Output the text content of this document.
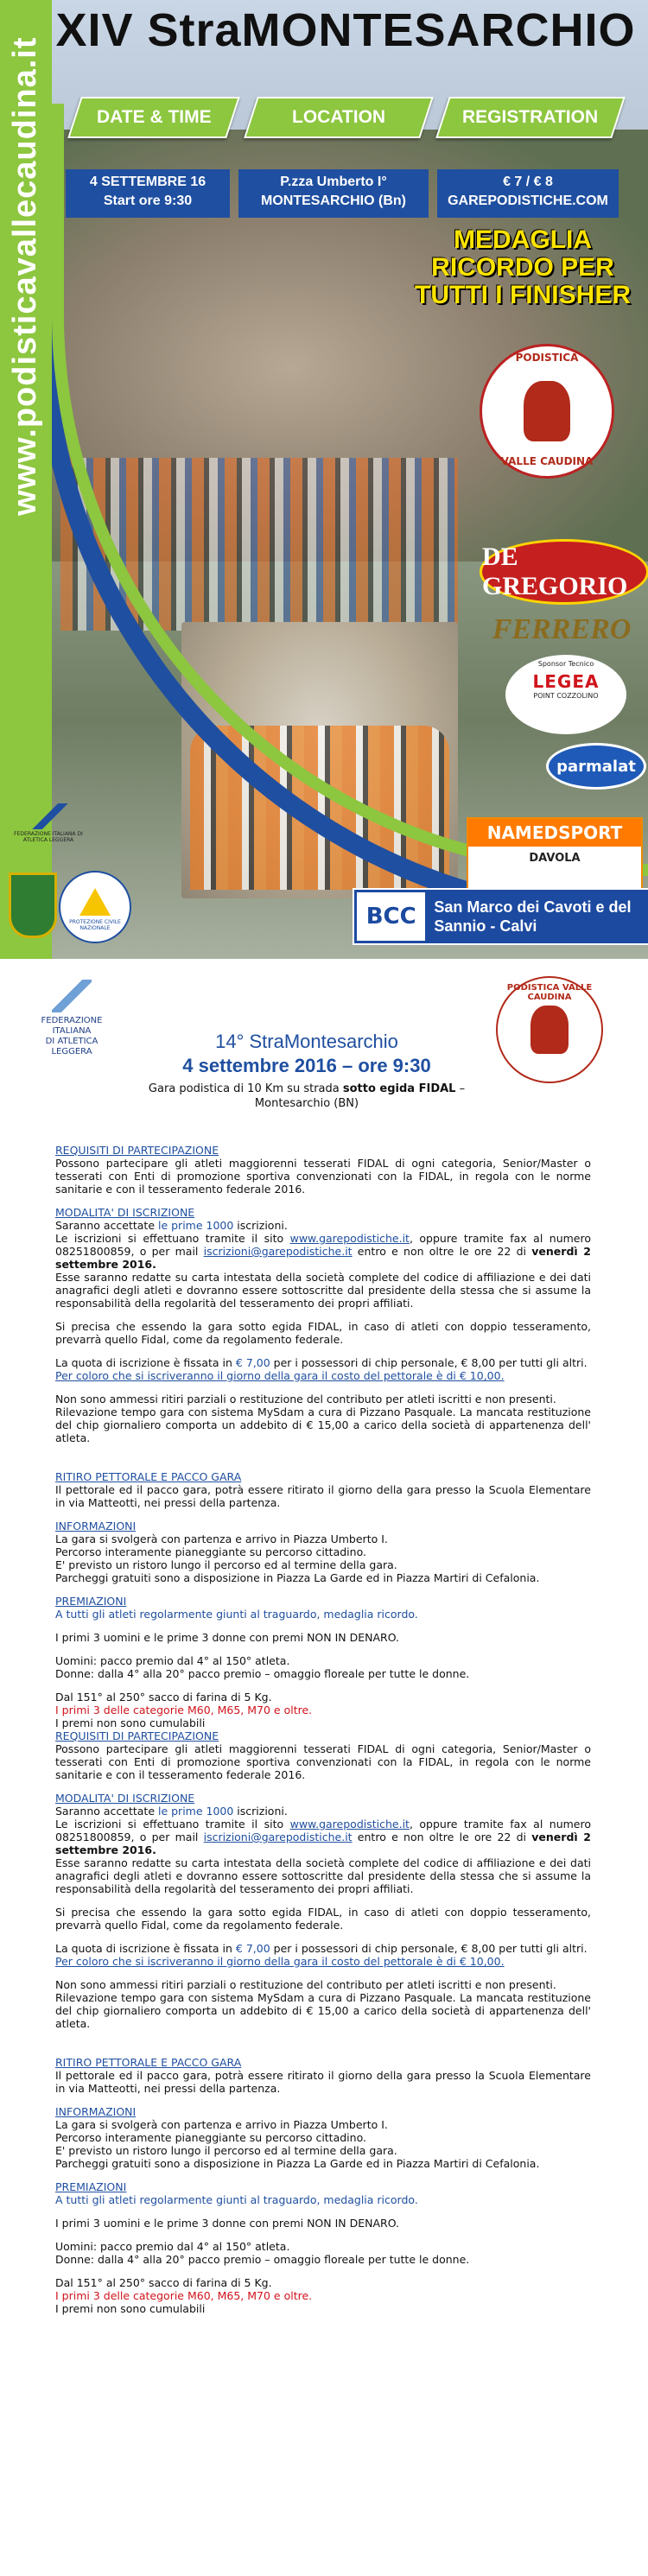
www.podisticavallecaudina.it
XIV StraMONTESARCHIO
DATE & TIME	LOCATION	REGISTRATION
4 SETTEMBRE 16
Start ore 9:30
P.zza Umberto I°
MONTESARCHIO (Bn)
€ 7 / € 8
GAREPODISTICHE.COM
MEDAGLIA RICORDO PER TUTTI I FINISHER
PODISTICA
VALLE CAUDINA
DE GREGORIO
FERRERO
Sponsor Tecnico
LEGEA
POINT COZZOLINO
parmalat
NAMEDSPORT
DAVOLA
FEDERAZIONE ITALIANA DI ATLETICA LEGGERA
PROTEZIONE CIVILE NAZIONALE	BCC	San Marco dei Cavoti e del Sannio - Calvi
FEDERAZIONE ITALIANA
DI ATLETICA LEGGERA
PODISTICA VALLE CAUDINA
14° StraMontesarchio
4 settembre 2016 – ore 9:30
Gara podistica di 10 Km su strada sotto egida FIDAL – Montesarchio (BN)

REQUISITI DI PARTECIPAZIONE

Possono partecipare gli atleti maggiorenni tesserati FIDAL di ogni categoria, Senior/Master o tesserati con Enti di promozione sportiva convenzionati con la FIDAL, in regola con le norme sanitarie e con il tesseramento federale 2016.

MODALITA' DI ISCRIZIONE

Saranno accettate le prime 1000 iscrizioni.

Le iscrizioni si effettuano tramite il sito www.garepodistiche.it, oppure tramite fax al numero 08251800859, o per mail iscrizioni@garepodistiche.it entro e non oltre le ore 22 di venerdì 2 settembre 2016.

Esse saranno redatte su carta intestata della società complete del codice di affiliazione e dei dati anagrafici degli atleti e dovranno essere sottoscritte dal presidente della stessa che si assume la responsabilità della regolarità del tesseramento dei propri affiliati.

Si precisa che essendo la gara sotto egida FIDAL, in caso di atleti con doppio tesseramento, prevarrà quello Fidal, come da regolamento federale.

La quota di iscrizione è fissata in € 7,00 per i possessori di chip personale, € 8,00 per tutti gli altri.

Per coloro che si iscriveranno il giorno della gara il costo del pettorale è di € 10,00.

Non sono ammessi ritiri parziali o restituzione del contributo per atleti iscritti e non presenti.

Rilevazione tempo gara con sistema MySdam a cura di Pizzano Pasquale. La mancata restituzione del chip giornaliero comporta un addebito di € 15,00 a carico della società di appartenenza dell' atleta.

RITIRO PETTORALE E PACCO GARA

Il pettorale ed il pacco gara, potrà essere ritirato il giorno della gara presso la Scuola Elementare in via Matteotti, nei pressi della partenza.

INFORMAZIONI

La gara si svolgerà con partenza e arrivo in Piazza Umberto I.

Percorso interamente pianeggiante su percorso cittadino.

E' previsto un ristoro lungo il percorso ed al termine della gara.

Parcheggi gratuiti sono a disposizione in Piazza La Garde ed in Piazza Martiri di Cefalonia.

PREMIAZIONI

A tutti gli atleti regolarmente giunti al traguardo, medaglia ricordo.

I primi 3 uomini e le prime 3 donne con premi NON IN DENARO.

Uomini: pacco premio dal 4° al 150° atleta.

Donne: dalla 4° alla 20° pacco premio – omaggio floreale per tutte le donne.

Dal 151° al 250° sacco di farina di 5 Kg.

I primi 3 delle categorie M60, M65, M70 e oltre.

I premi non sono cumulabili

REQUISITI DI PARTECIPAZIONE

Possono partecipare gli atleti maggiorenni tesserati FIDAL di ogni categoria, Senior/Master o tesserati con Enti di promozione sportiva convenzionati con la FIDAL, in regola con le norme sanitarie e con il tesseramento federale 2016.

MODALITA' DI ISCRIZIONE

Saranno accettate le prime 1000 iscrizioni.

Le iscrizioni si effettuano tramite il sito www.garepodistiche.it, oppure tramite fax al numero 08251800859, o per mail iscrizioni@garepodistiche.it entro e non oltre le ore 22 di venerdì 2 settembre 2016.

Esse saranno redatte su carta intestata della società complete del codice di affiliazione e dei dati anagrafici degli atleti e dovranno essere sottoscritte dal presidente della stessa che si assume la responsabilità della regolarità del tesseramento dei propri affiliati.

Si precisa che essendo la gara sotto egida FIDAL, in caso di atleti con doppio tesseramento, prevarrà quello Fidal, come da regolamento federale.

La quota di iscrizione è fissata in € 7,00 per i possessori di chip personale, € 8,00 per tutti gli altri.

Per coloro che si iscriveranno il giorno della gara il costo del pettorale è di € 10,00.

Non sono ammessi ritiri parziali o restituzione del contributo per atleti iscritti e non presenti.

Rilevazione tempo gara con sistema MySdam a cura di Pizzano Pasquale. La mancata restituzione del chip giornaliero comporta un addebito di € 15,00 a carico della società di appartenenza dell' atleta.

RITIRO PETTORALE E PACCO GARA

Il pettorale ed il pacco gara, potrà essere ritirato il giorno della gara presso la Scuola Elementare in via Matteotti, nei pressi della partenza.

INFORMAZIONI

La gara si svolgerà con partenza e arrivo in Piazza Umberto I.

Percorso interamente pianeggiante su percorso cittadino.

E' previsto un ristoro lungo il percorso ed al termine della gara.

Parcheggi gratuiti sono a disposizione in Piazza La Garde ed in Piazza Martiri di Cefalonia.

PREMIAZIONI

A tutti gli atleti regolarmente giunti al traguardo, medaglia ricordo.

I primi 3 uomini e le prime 3 donne con premi NON IN DENARO.

Uomini: pacco premio dal 4° al 150° atleta.

Donne: dalla 4° alla 20° pacco premio – omaggio floreale per tutte le donne.

Dal 151° al 250° sacco di farina di 5 Kg.

I primi 3 delle categorie M60, M65, M70 e oltre.

I premi non sono cumulabili
